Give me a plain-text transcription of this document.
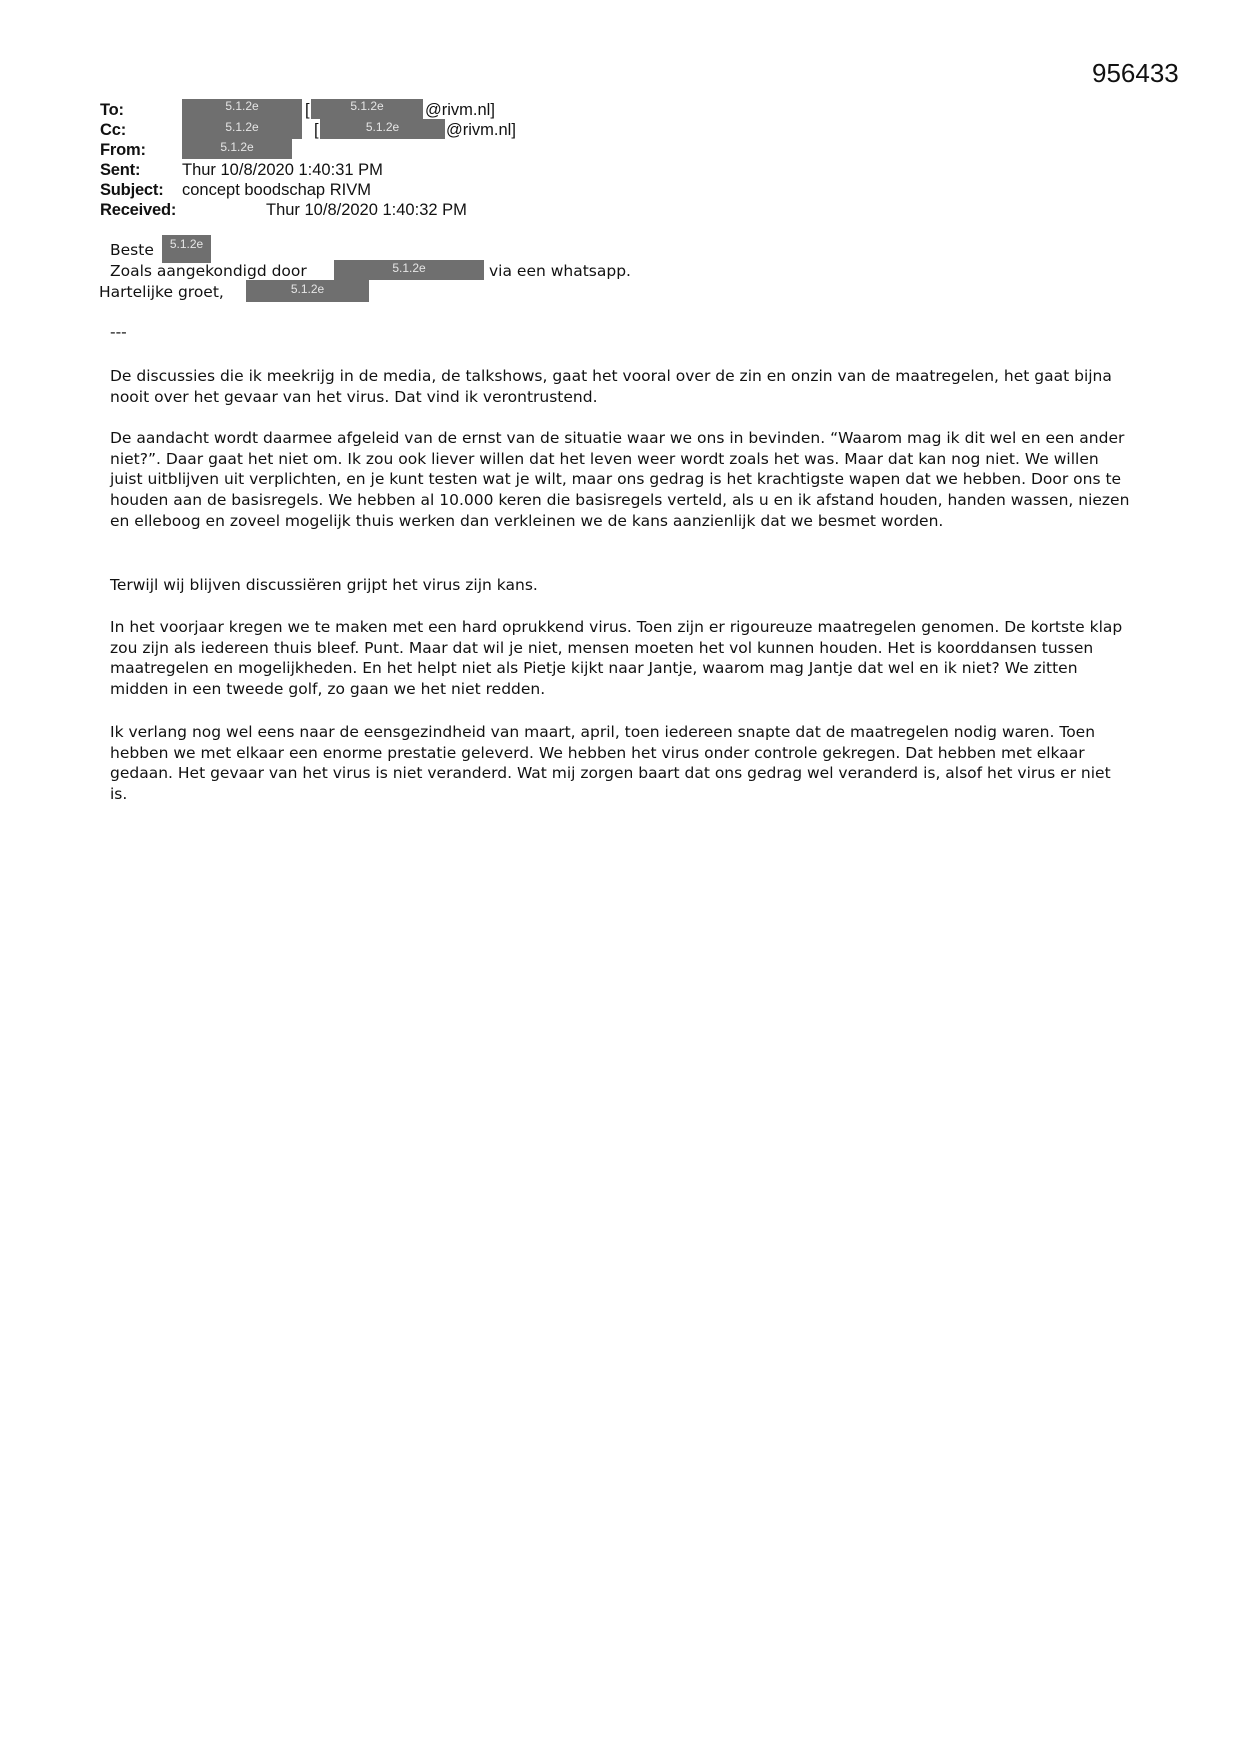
956433

To:	5.1.2e	[	5.1.2e	@rivm.nl]
Cc:	5.1.2e	[	5.1.2e	@rivm.nl]
From:	5.1.2e
Sent:	Thur 10/8/2020 1:40:31 PM
Subject: concept boodschap RIVM
Received:	Thur 10/8/2020 1:40:32 PM
Beste	5.1.2e
Zoals aangekondigd door	5.1.2e	via een whatsapp.
Hartelijke groet,	5.1.2e
---

De discussies die ik meekrijg in de media, de talkshows, gaat het vooral over de zin en onzin van de maatregelen, het gaat bijna nooit over het gevaar van het virus. Dat vind ik verontrustend.

De aandacht wordt daarmee afgeleid van de ernst van de situatie waar we ons in bevinden. “Waarom mag ik dit wel en een ander niet?”. Daar gaat het niet om. Ik zou ook liever willen dat het leven weer wordt zoals het was. Maar dat kan nog niet. We willen juist uitblijven uit verplichten, en je kunt testen wat je wilt, maar ons gedrag is het krachtigste wapen dat we hebben. Door ons te houden aan de basisregels. We hebben al 10.000 keren die basisregels verteld, als u en ik afstand houden, handen wassen, niezen en elleboog en zoveel mogelijk thuis werken dan verkleinen we de kans aanzienlijk dat we besmet worden.

Terwijl wij blijven discussiëren grijpt het virus zijn kans.

In het voorjaar kregen we te maken met een hard oprukkend virus. Toen zijn er rigoureuze maatregelen genomen. De kortste klap zou zijn als iedereen thuis bleef. Punt. Maar dat wil je niet, mensen moeten het vol kunnen houden. Het is koorddansen tussen maatregelen en mogelijkheden. En het helpt niet als Pietje kijkt naar Jantje, waarom mag Jantje dat wel en ik niet? We zitten midden in een tweede golf, zo gaan we het niet redden.

Ik verlang nog wel eens naar de eensgezindheid van maart, april, toen iedereen snapte dat de maatregelen nodig waren. Toen hebben we met elkaar een enorme prestatie geleverd. We hebben het virus onder controle gekregen. Dat hebben met elkaar gedaan. Het gevaar van het virus is niet veranderd. Wat mij zorgen baart dat ons gedrag wel veranderd is, alsof het virus er niet is.
